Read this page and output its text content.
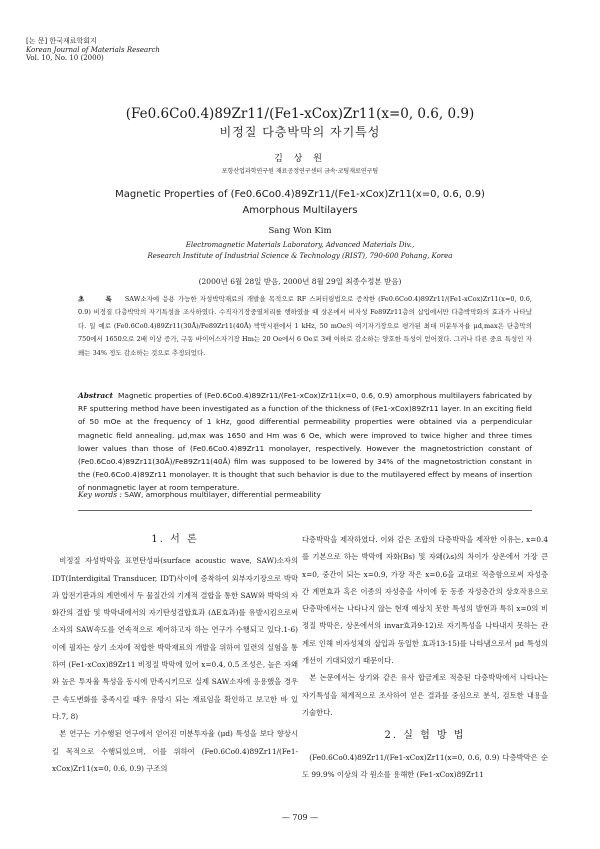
[논 문] 한국재료학회지
Korean Journal of Materials Research
Vol. 10, No. 10 (2000)
(Fe0.6Co0.4)89Zr11/(Fe1-xCox)Zr11(x=0, 0.6, 0.9)
비정질 다층박막의 자기특성
김 상 원
포항산업과학연구원 재료공정연구센터 금속·코팅재료연구팀
Magnetic Properties of (Fe0.6Co0.4)89Zr11/(Fe1-xCox)Zr11(x=0, 0.6, 0.9)
Amorphous Multilayers
Sang Won Kim
Electromagnetic Materials Laboratory, Advanced Materials Div.,
Research Institute of Industrial Science & Technology (RIST), 790-600 Pohang, Korea
(2000년 6월 28일 받음, 2000년 8월 29일 최종수정본 받음)
초 록 SAW소자에 응용 가능한 자성박막재료의 개발을 목적으로 RF 스퍼터링법으로 증착한 (Fe0.6Co0.4)89Zr11/(Fe1-xCox)Zr11(x=0, 0.6, 0.9) 비정질 다층박막의 자기특성을 조사하였다. 수직자기장중열처리를 행하였을 때 상온에서 비자성 Fe89Zr11층의 삽입에서만 다층박막화의 효과가 나타났다. 일 예로 (Fe0.6Co0.4)89Zr11(30Å)/Fe89Zr11(40Å) 박막시편에서 1 kHz, 50 mOe의 여기자기장으로 평가된 최대 미분투자율 μd,max은 단층막의 750에서 1650으로 2배 이상 증가, 구동 바이어스자기장 Hm는 20 Oe에서 6 Oe로 3배 이하로 감소하는 양호한 특성이 얻어졌다. 그러나 다른 중요 특성인 자왜는 34% 정도 감소하는 것으로 추정되었다.
Abstract Magnetic properties of (Fe0.6Co0.4)89Zr11/(Fe1-xCox)Zr11(x=0, 0.6, 0.9) amorphous multilayers fabricated by RF sputtering method have been investigated as a function of the thickness of (Fe1-xCox)89Zr11 layer. In an exciting field of 50 mOe at the frequency of 1 kHz, good differential permeability properties were obtained via a perpendicular magnetic field annealing. μd,max was 1650 and Hm was 6 Oe, which were improved to twice higher and three times lower values than those of (Fe0.6Co0.4)89Zr11 monolayer, respectively. However the magnetostriction constant of (Fe0.6Co0.4)89Zr11(30Å)/Fe89Zr11(40Å) film was supposed to be lowered by 34% of the magnetostriction constant in the (Fe0.6Co0.4)89Zr11 monolayer. It is thought that such behavior is due to the mutilayered effect by means of insertion of nonmagnetic layer at room temperature.
Key words : SAW, amorphous multilayer, differential permeability
1. 서 론

비정질 자성박막을 표면탄성파(surface acoustic wave, SAW)소자의 IDT(Interdigital Transducer, IDT)사이에 증착하여 외부자기장으로 박막과 압전기판과의 계면에서 두 물질간의 기계적 결합을 통한 SAW와 박막의 자화간의 결합 및 박막내에서의 자기탄성결합효과 (ΔE효과)를 유발시킴으로써 소자의 SAW속도를 연속적으로 제어하고자 하는 연구가 수행되고 있다.1-6) 이에 필자는 상기 소자에 적합한 박막재료의 개발을 위하여 일련의 실험을 통하여 (Fe1-xCox)89Zr11 비정질 박막에 있어 x=0.4, 0.5 조성은, 높은 자왜와 높은 투자율 특성을 동시에 만족시키므로 실제 SAW소자에 응용했을 경우 큰 속도변화를 충족시킬 때우 유망시 되는 재료임을 확인하고 보고한 바 있다.7, 8)

본 연구는 기수행된 연구에서 얻어진 미분투자율 (μd) 특성을 보다 향상시킬 목적으로 수행되었으며, 이를 위하여 (Fe0.6Co0.4)89Zr11/(Fe1-xCox)Zr11(x=0, 0.6, 0.9) 구조의

다층박막을 제작하였다. 이와 같은 조합의 다층박막을 제작한 이유는, x=0.4를 기본으로 하는 박막에 자화(Bs) 및 자왜(λs)의 차이가 상온에서 가장 큰 x=0, 중간이 되는 x=0.9, 가장 작은 x=0.6을 교대로 적층함으로써 자성층간 계면효과 혹은 이종의 자성층을 사이에 둔 동종 자성층간의 상호작용으로 단층막에서는 나타나지 않는 현재 예상치 못한 특성의 발현과 특히 x=0의 비정질 박막은, 상온에서의 invar효과9-12)로 자기특성을 나타내지 못하는 관계로 인해 비자성체의 삽입과 동일한 효과13-15)를 나타냄으로서 μd 특성의 개선이 기대되었기 때문이다.

본 논문에서는 상기와 같은 유사 합금계로 적층된 다층박막에서 나타나는 자기특성을 체계적으로 조사하여 얻은 결과를 중심으로 분석, 검토한 내용을 기술한다.

2. 실 험 방 법

(Fe0.6Co0.4)89Zr11/(Fe1-xCox)Zr11(x=0, 0.6, 0.9) 다층박막은 순도 99.9% 이상의 각 원소를 용해한 (Fe1-xCox)89Zr11

— 709 —
